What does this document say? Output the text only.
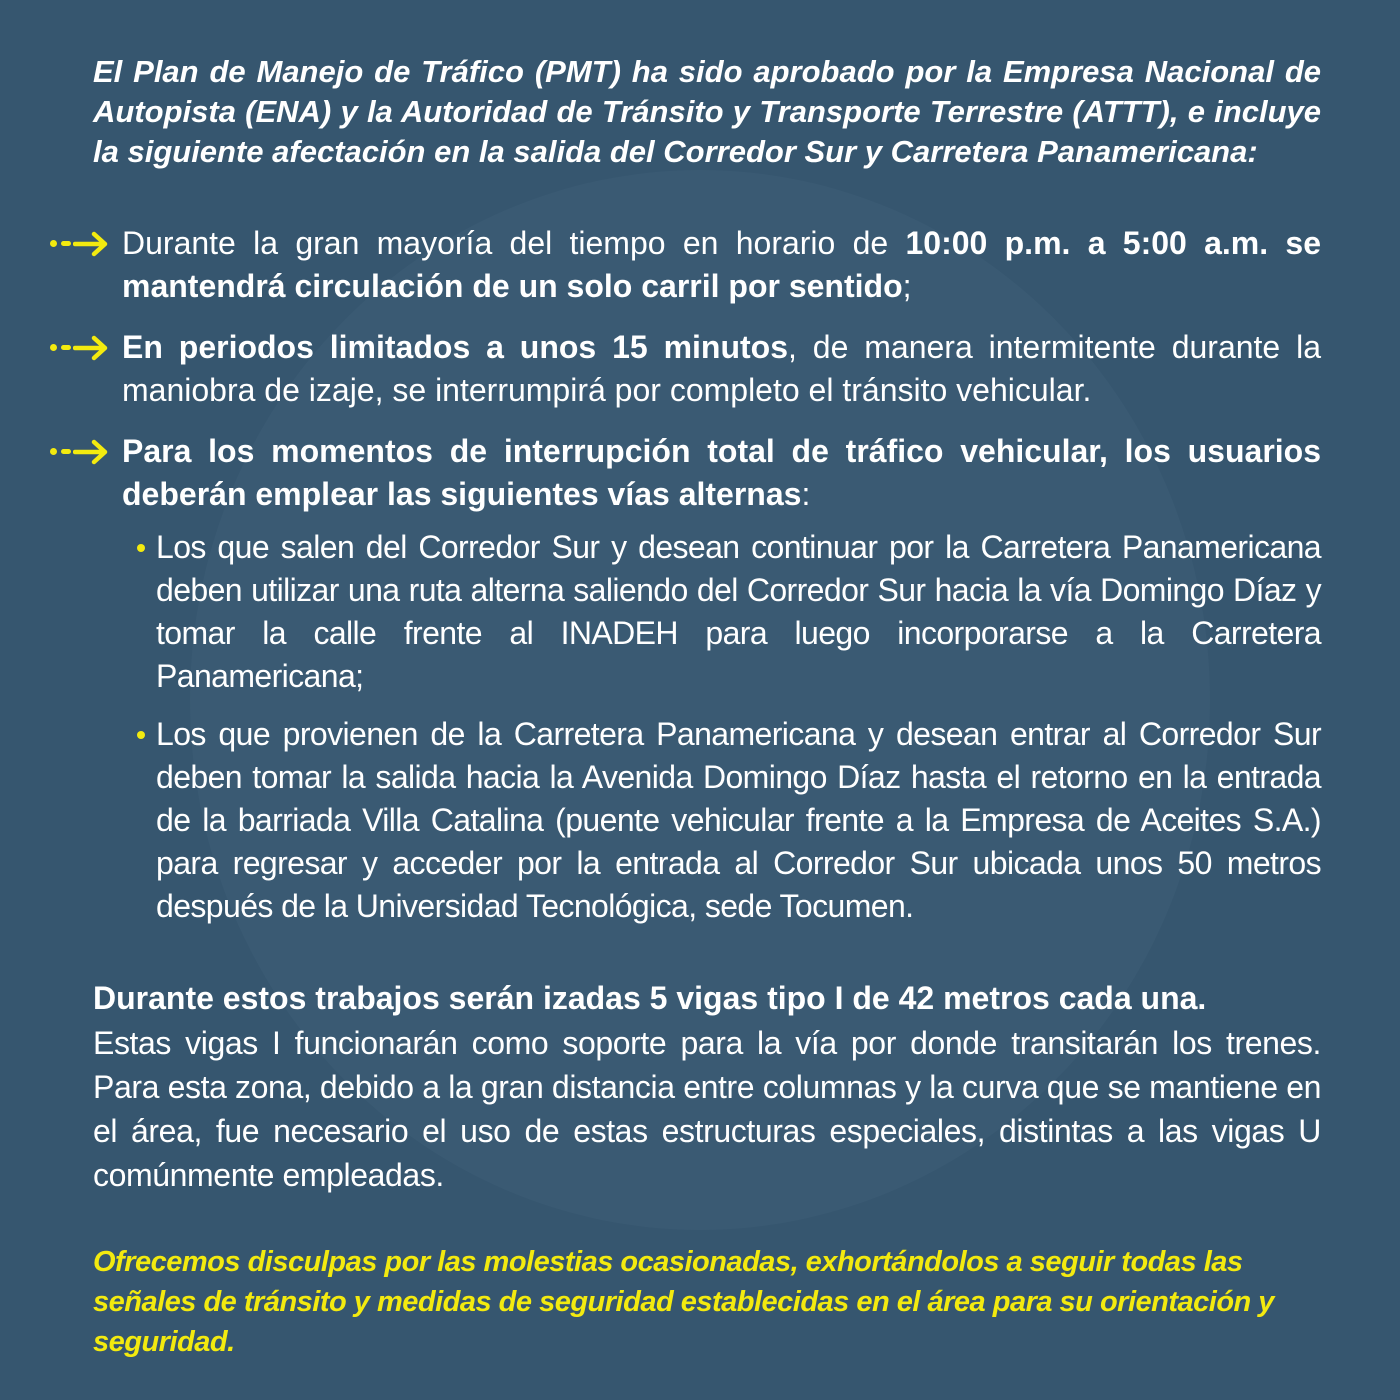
El Plan de Manejo de Tráfico (PMT) ha sido aprobado por la Empresa Nacional de Autopista (ENA) y la Autoridad de Tránsito y Transporte Terrestre (ATTT), e incluye la siguiente afectación en la salida del Corredor Sur y Carretera Panamericana:

Durante la gran mayoría del tiempo en horario de 10:00 p.m. a 5:00 a.m. se mantendrá circulación de un solo carril por sentido;

En periodos limitados a unos 15 minutos, de manera intermitente durante la maniobra de izaje, se interrumpirá por completo el tránsito vehicular.

Para los momentos de interrupción total de tráfico vehicular, los usuarios deberán emplear las siguientes vías alternas:

Los que salen del Corredor Sur y desean continuar por la Carretera Panamericana deben utilizar una ruta alterna saliendo del Corredor Sur hacia la vía Domingo Díaz y tomar la calle frente al INADEH para luego incorporarse a la Carretera Panamericana;

Los que provienen de la Carretera Panamericana y desean entrar al Corredor Sur deben tomar la salida hacia la Avenida Domingo Díaz hasta el retorno en la entrada de la barriada Villa Catalina (puente vehicular frente a la Empresa de Aceites S.A.) para regresar y acceder por la entrada al Corredor Sur ubicada unos 50 metros después de la Universidad Tecnológica, sede Tocumen.

Durante estos trabajos serán izadas 5 vigas tipo I de 42 metros cada una.

Estas vigas I funcionarán como soporte para la vía por donde transitarán los trenes. Para esta zona, debido a la gran distancia entre columnas y la curva que se mantiene en el área, fue necesario el uso de estas estructuras especiales, distintas a las vigas U comúnmente empleadas.

Ofrecemos disculpas por las molestias ocasionadas, exhortándolos a seguir todas las señales de tránsito y medidas de seguridad establecidas en el área para su orientación y seguridad.
